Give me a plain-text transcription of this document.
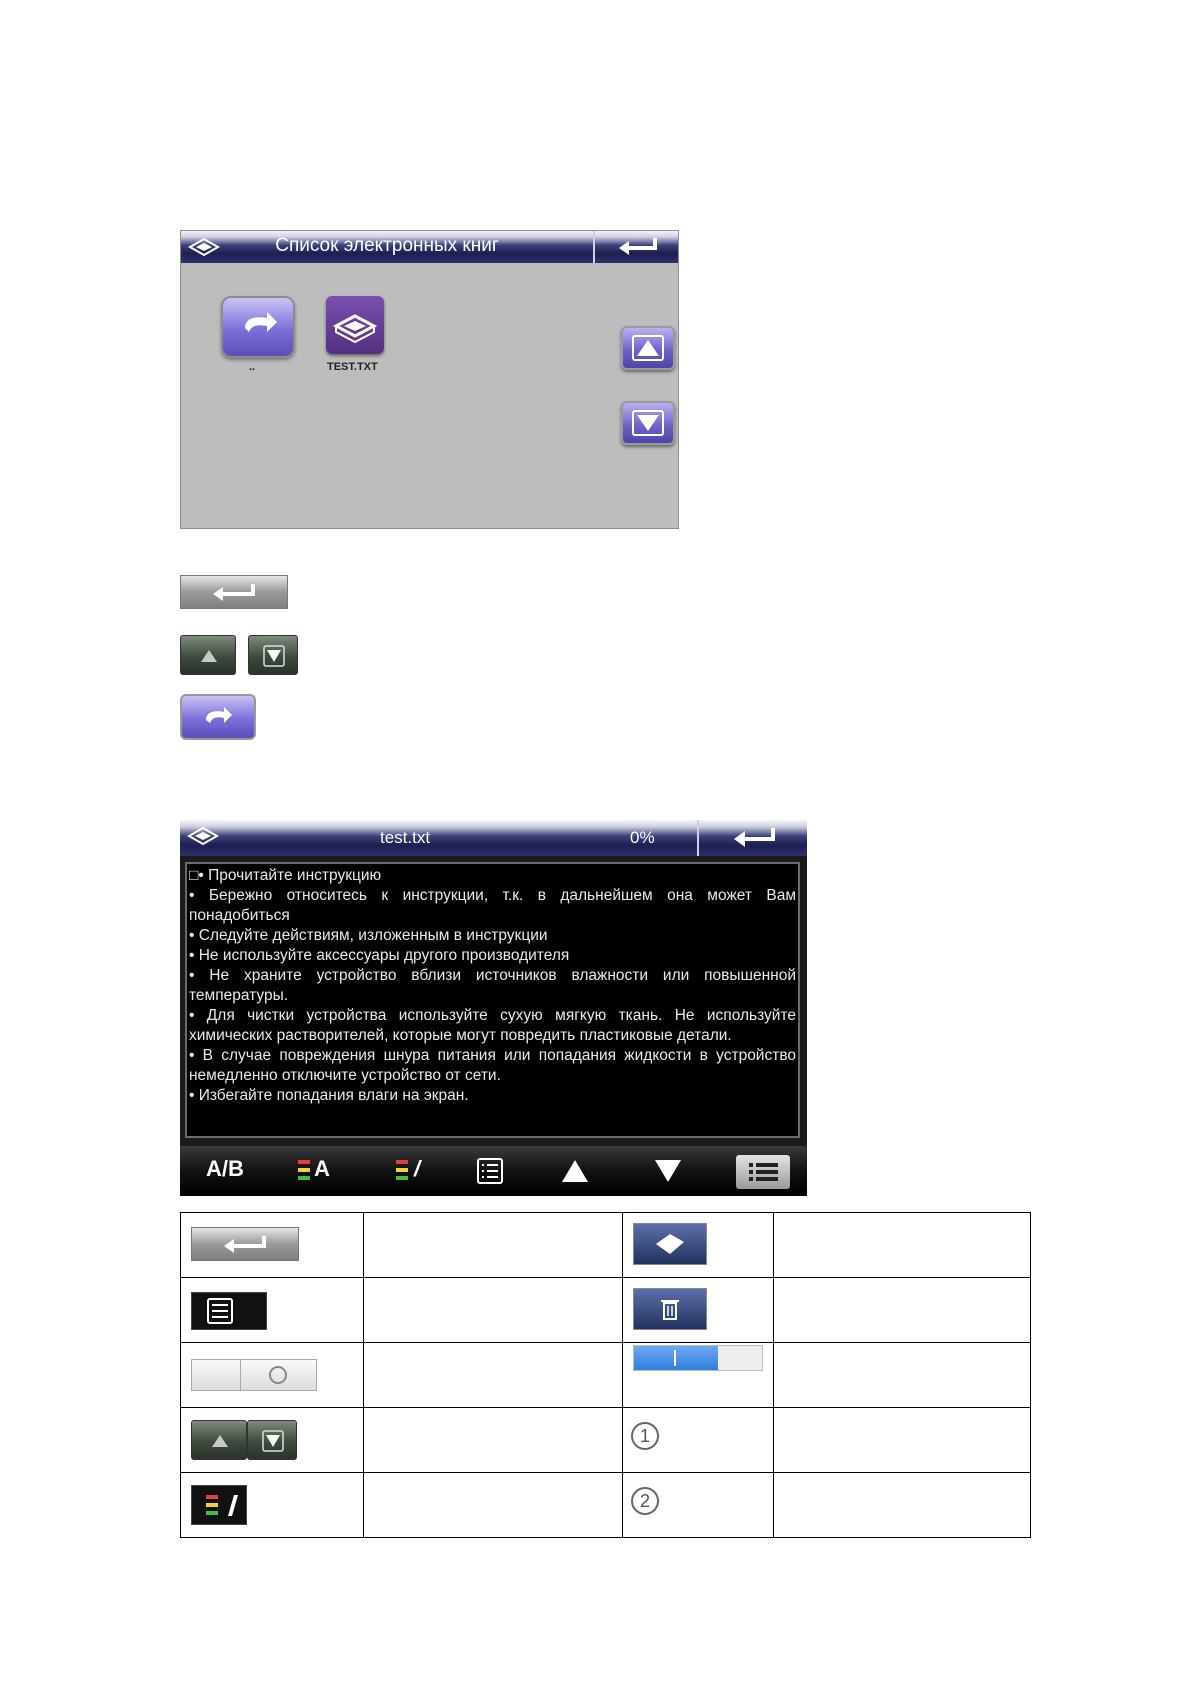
Список электронных книг
..	TEST.TXT
test.txt	0%

□• Прочитайте инструкцию

• Бережно относитесь к инструкции, т.к. в дальнейшем она может Вам понадобиться

• Следуйте действиям, изложенным в инструкции

• Не используйте аксессуары другого производителя

• Не храните устройство вблизи источников влажности или повышенной температуры.

• Для чистки устройства используйте сухую мягкую ткань. Не используйте химических растворителей, которые могут повредить пластиковые детали.

• В случае повреждения шнура питания или попадания жидкости в устройство немедленно отключите устройство от сети.

• Избегайте попадания влаги на экран.

A/B	A	/

1	

2	
